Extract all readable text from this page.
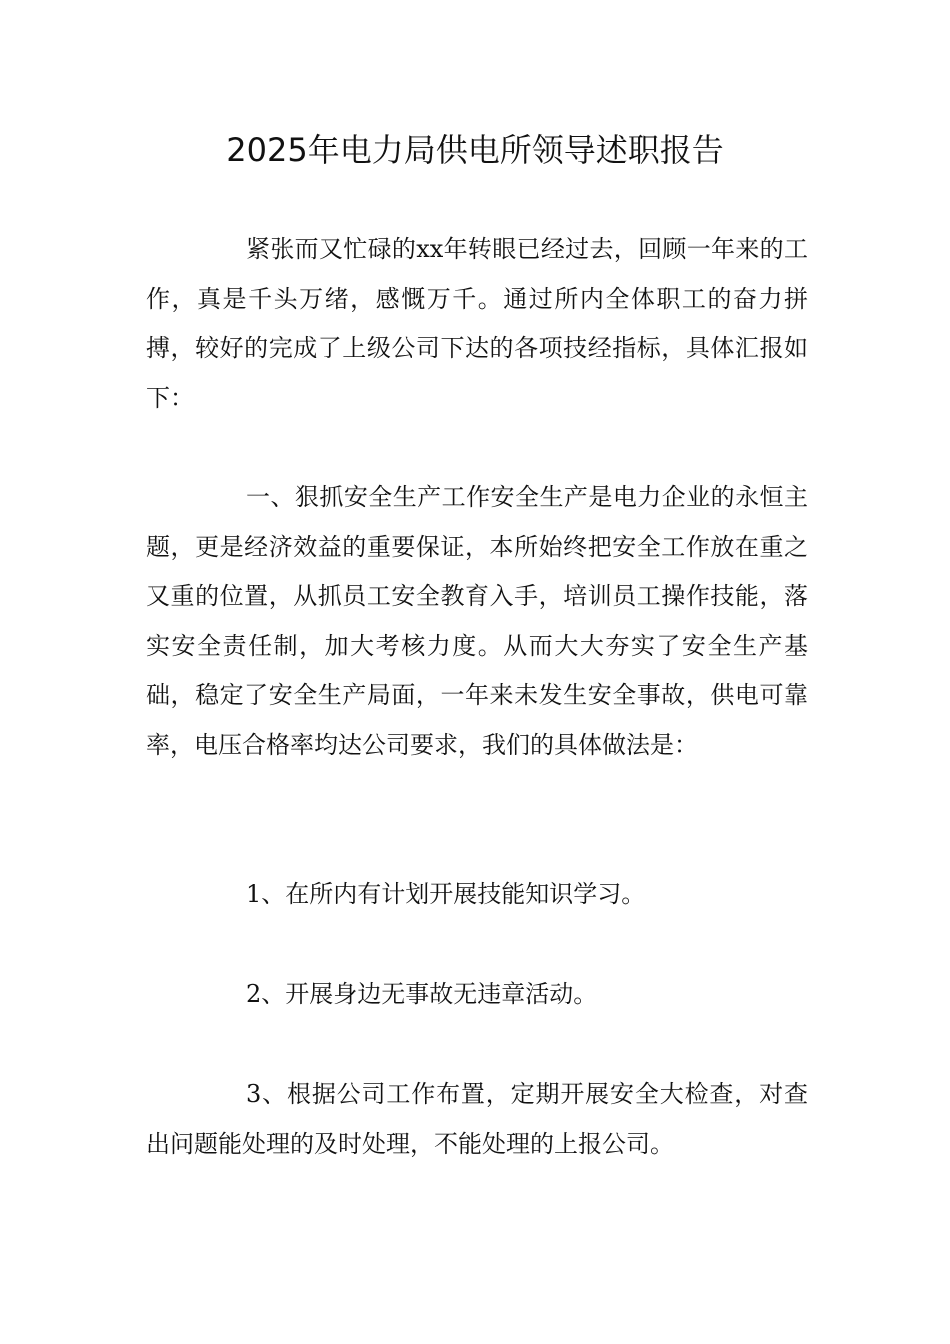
2025年电力局供电所领导述职报告

紧张而又忙碌的xx年转眼已经过去，回顾一年来的工作，真是千头万绪，感慨万千。通过所内全体职工的奋力拼搏，较好的完成了上级公司下达的各项技经指标，具体汇报如下：

一、狠抓安全生产工作安全生产是电力企业的永恒主题，更是经济效益的重要保证，本所始终把安全工作放在重之又重的位置，从抓员工安全教育入手，培训员工操作技能，落实安全责任制，加大考核力度。从而大大夯实了安全生产基础，稳定了安全生产局面，一年来未发生安全事故，供电可靠率，电压合格率均达公司要求，我们的具体做法是：

1、在所内有计划开展技能知识学习。

2、开展身边无事故无违章活动。

3、根据公司工作布置，定期开展安全大检查，对查出问题能处理的及时处理，不能处理的上报公司。
